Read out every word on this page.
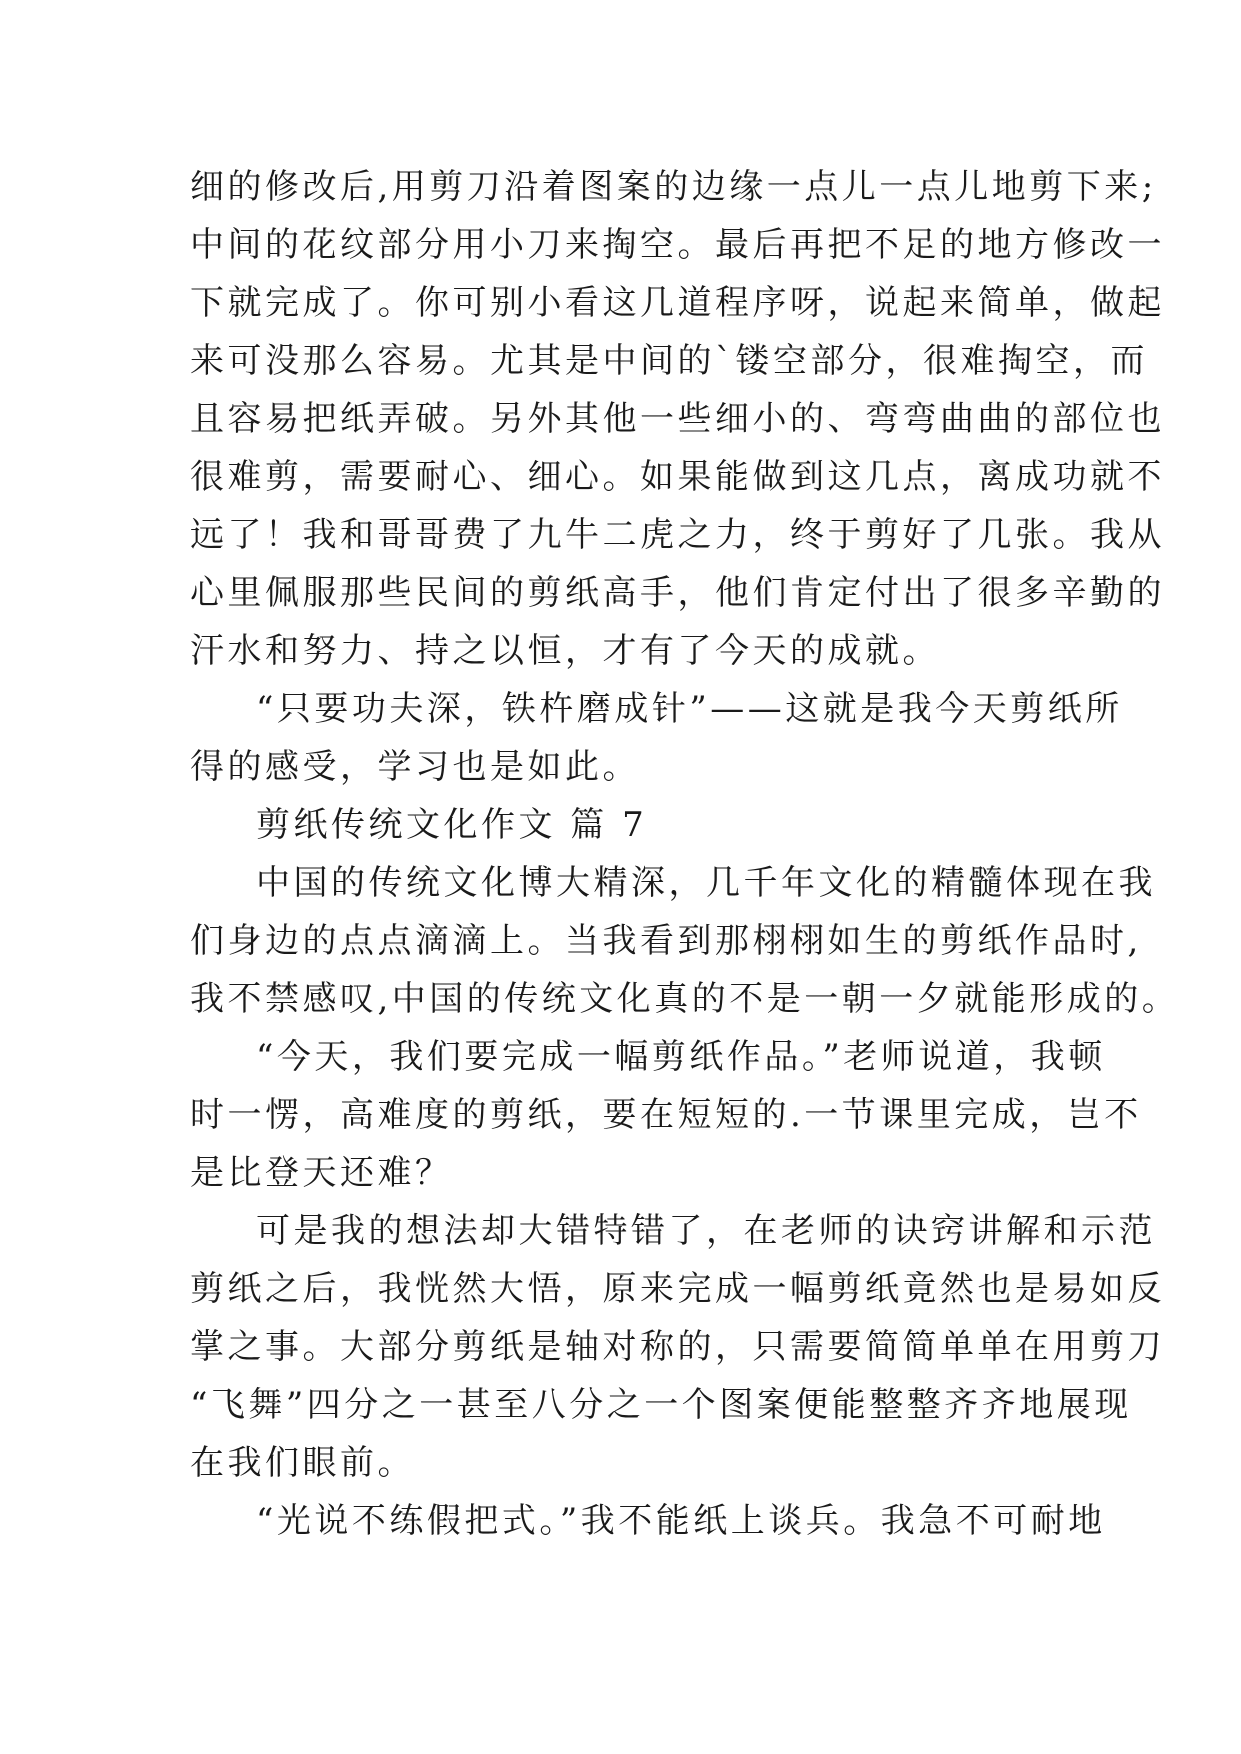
细的修改后,用剪刀沿着图案的边缘一点儿一点儿地剪下来;
中间的花纹部分用小刀来掏空。最后再把不足的地方修改一
下就完成了。你可别小看这几道程序呀，说起来简单，做起
来可没那么容易。尤其是中间的`镂空部分，很难掏空，而
且容易把纸弄破。另外其他一些细小的、弯弯曲曲的部位也
很难剪，需要耐心、细心。如果能做到这几点，离成功就不
远了！我和哥哥费了九牛二虎之力，终于剪好了几张。我从
心里佩服那些民间的剪纸高手，他们肯定付出了很多辛勤的
汗水和努力、持之以恒，才有了今天的成就。
“只要功夫深，铁杵磨成针”——这就是我今天剪纸所
得的感受，学习也是如此。
剪纸传统文化作文 篇 7
中国的传统文化博大精深，几千年文化的精髓体现在我
们身边的点点滴滴上。当我看到那栩栩如生的剪纸作品时,
我不禁感叹,中国的传统文化真的不是一朝一夕就能形成的。
“今天，我们要完成一幅剪纸作品。”老师说道，我顿
时一愣，高难度的剪纸，要在短短的.一节课里完成，岂不
是比登天还难？
可是我的想法却大错特错了，在老师的诀窍讲解和示范
剪纸之后，我恍然大悟，原来完成一幅剪纸竟然也是易如反
掌之事。大部分剪纸是轴对称的，只需要简简单单在用剪刀
“飞舞”四分之一甚至八分之一个图案便能整整齐齐地展现
在我们眼前。
“光说不练假把式。”我不能纸上谈兵。我急不可耐地
